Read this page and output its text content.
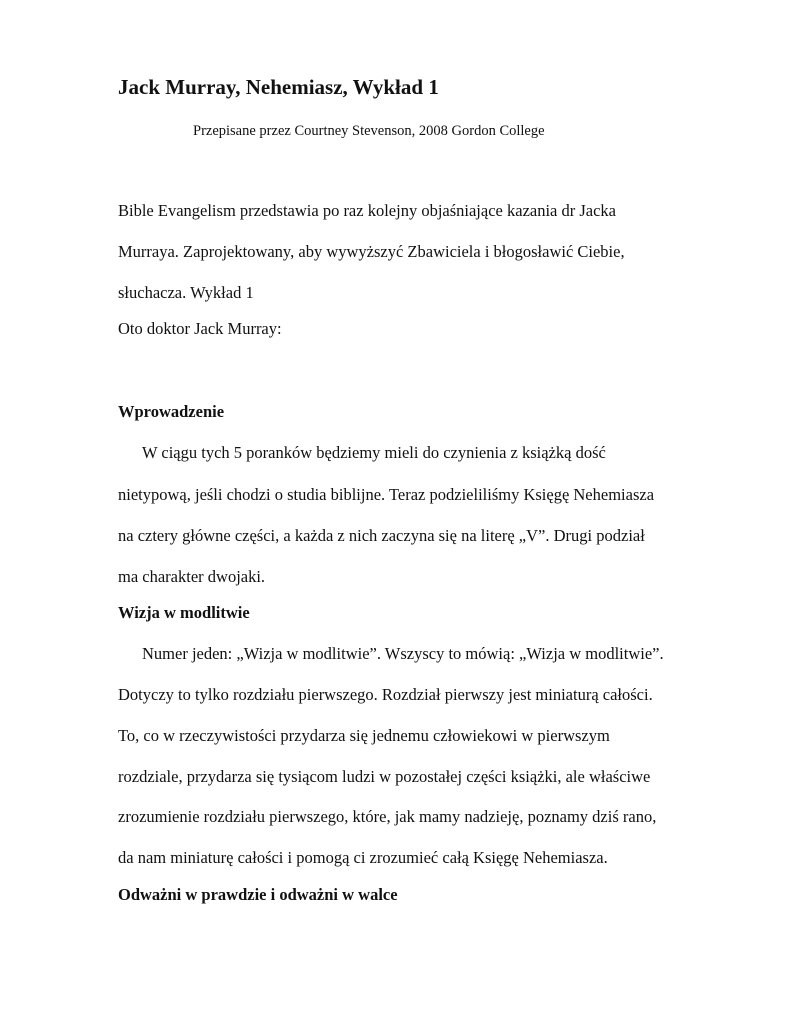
Jack Murray, Nehemiasz, Wykład 1
Przepisane przez Courtney Stevenson, 2008 Gordon College
Bible Evangelism przedstawia po raz kolejny objaśniające kazania dr Jacka
Murraya. Zaprojektowany, aby wywyższyć Zbawiciela i błogosławić Ciebie,
słuchacza. Wykład 1
Oto doktor Jack Murray:
Wprowadzenie
W ciągu tych 5 poranków będziemy mieli do czynienia z książką dość
nietypową, jeśli chodzi o studia biblijne. Teraz podzieliliśmy Księgę Nehemiasza
na cztery główne części, a każda z nich zaczyna się na literę „V”. Drugi podział
ma charakter dwojaki.
Wizja w modlitwie
Numer jeden: „Wizja w modlitwie”. Wszyscy to mówią: „Wizja w modlitwie”.
Dotyczy to tylko rozdziału pierwszego. Rozdział pierwszy jest miniaturą całości.
To, co w rzeczywistości przydarza się jednemu człowiekowi w pierwszym
rozdziale, przydarza się tysiącom ludzi w pozostałej części książki, ale właściwe
zrozumienie rozdziału pierwszego, które, jak mamy nadzieję, poznamy dziś rano,
da nam miniaturę całości i pomogą ci zrozumieć całą Księgę Nehemiasza.
Odważni w prawdzie i odważni w walce
